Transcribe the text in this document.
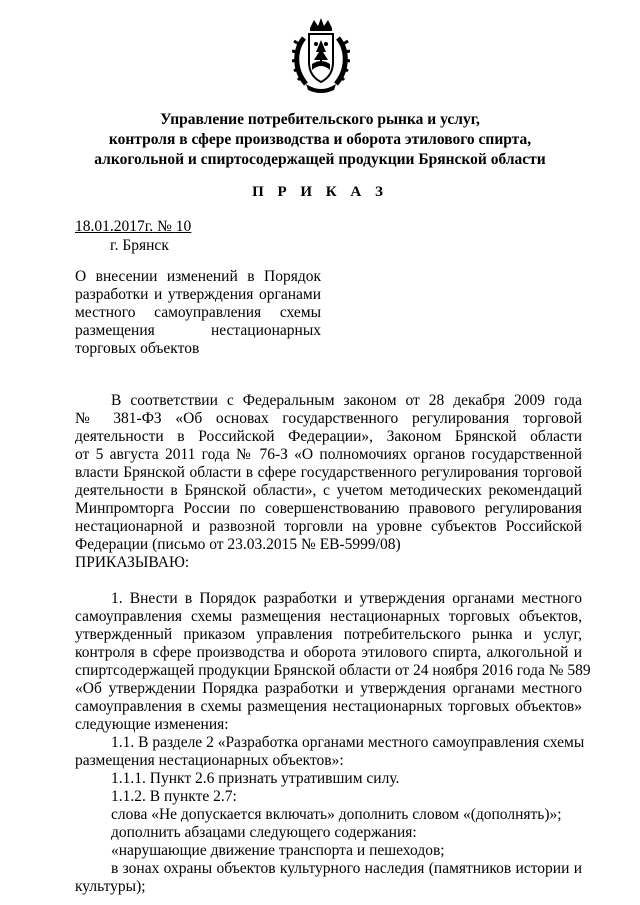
Управление потребительского рынка и услуг,
контроля в сфере производства и оборота этилового спирта,
алкогольной и спиртосодержащей продукции Брянской области
П Р И К А З
18.01.2017г. № 10
г. Брянск
О внесении изменений в Порядок
разработки и утверждения органами
местного самоуправления схемы
размещения нестационарных
торговых объектов
В соответствии с Федеральным законом от 28 декабря 2009 года
№ 381-ФЗ «Об основах государственного регулирования торговой
деятельности в Российской Федерации», Законом Брянской области
от 5 августа 2011 года № 76-З «О полномочиях органов государственной
власти Брянской области в сфере государственного регулирования торговой
деятельности в Брянской области», с учетом методических рекомендаций
Минпромторга России по совершенствованию правового регулирования
нестационарной и развозной торговли на уровне субъектов Российской
Федерации (письмо от 23.03.2015 № ЕВ-5999/08)
ПРИКАЗЫВАЮ:
1. Внести в Порядок разработки и утверждения органами местного
самоуправления схемы размещения нестационарных торговых объектов,
утвержденный приказом управления потребительского рынка и услуг,
контроля в сфере производства и оборота этилового спирта, алкогольной и
спиртсодержащей продукции Брянской области от 24 ноября 2016 года № 589
«Об утверждении Порядка разработки и утверждения органами местного
самоуправления в схемы размещения нестационарных торговых объектов»
следующие изменения:
1.1. В разделе 2 «Разработка органами местного самоуправления схемы
размещения нестационарных объектов»:
1.1.1. Пункт 2.6 признать утратившим силу.
1.1.2. В пункте 2.7:
слова «Не допускается включать» дополнить словом «(дополнять)»;
дополнить абзацами следующего содержания:
«нарушающие движение транспорта и пешеходов;
в зонах охраны объектов культурного наследия (памятников истории и
культуры);
